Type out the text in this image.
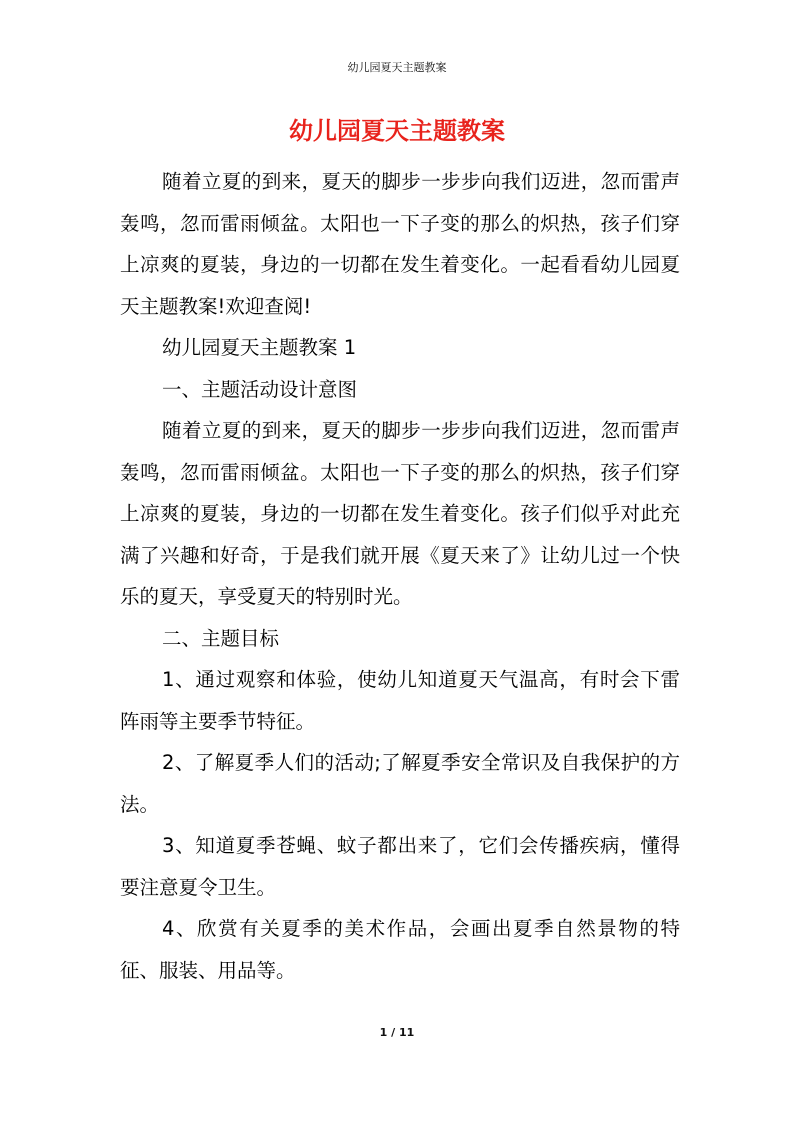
幼儿园夏天主题教案
幼儿园夏天主题教案

随着立夏的到来，夏天的脚步一步步向我们迈进，忽而雷声轰鸣，忽而雷雨倾盆。太阳也一下子变的那么的炽热，孩子们穿上凉爽的夏装，身边的一切都在发生着变化。一起看看幼儿园夏天主题教案!欢迎查阅!

幼儿园夏天主题教案 1

一、主题活动设计意图

随着立夏的到来，夏天的脚步一步步向我们迈进，忽而雷声轰鸣，忽而雷雨倾盆。太阳也一下子变的那么的炽热，孩子们穿上凉爽的夏装，身边的一切都在发生着变化。孩子们似乎对此充满了兴趣和好奇，于是我们就开展《夏天来了》让幼儿过一个快乐的夏天，享受夏天的特别时光。

二、主题目标

1、通过观察和体验，使幼儿知道夏天气温高，有时会下雷阵雨等主要季节特征。

2、了解夏季人们的活动;了解夏季安全常识及自我保护的方法。

3、知道夏季苍蝇、蚊子都出来了，它们会传播疾病，懂得要注意夏令卫生。

4、欣赏有关夏季的美术作品，会画出夏季自然景物的特征、服装、用品等。

1 / 11
